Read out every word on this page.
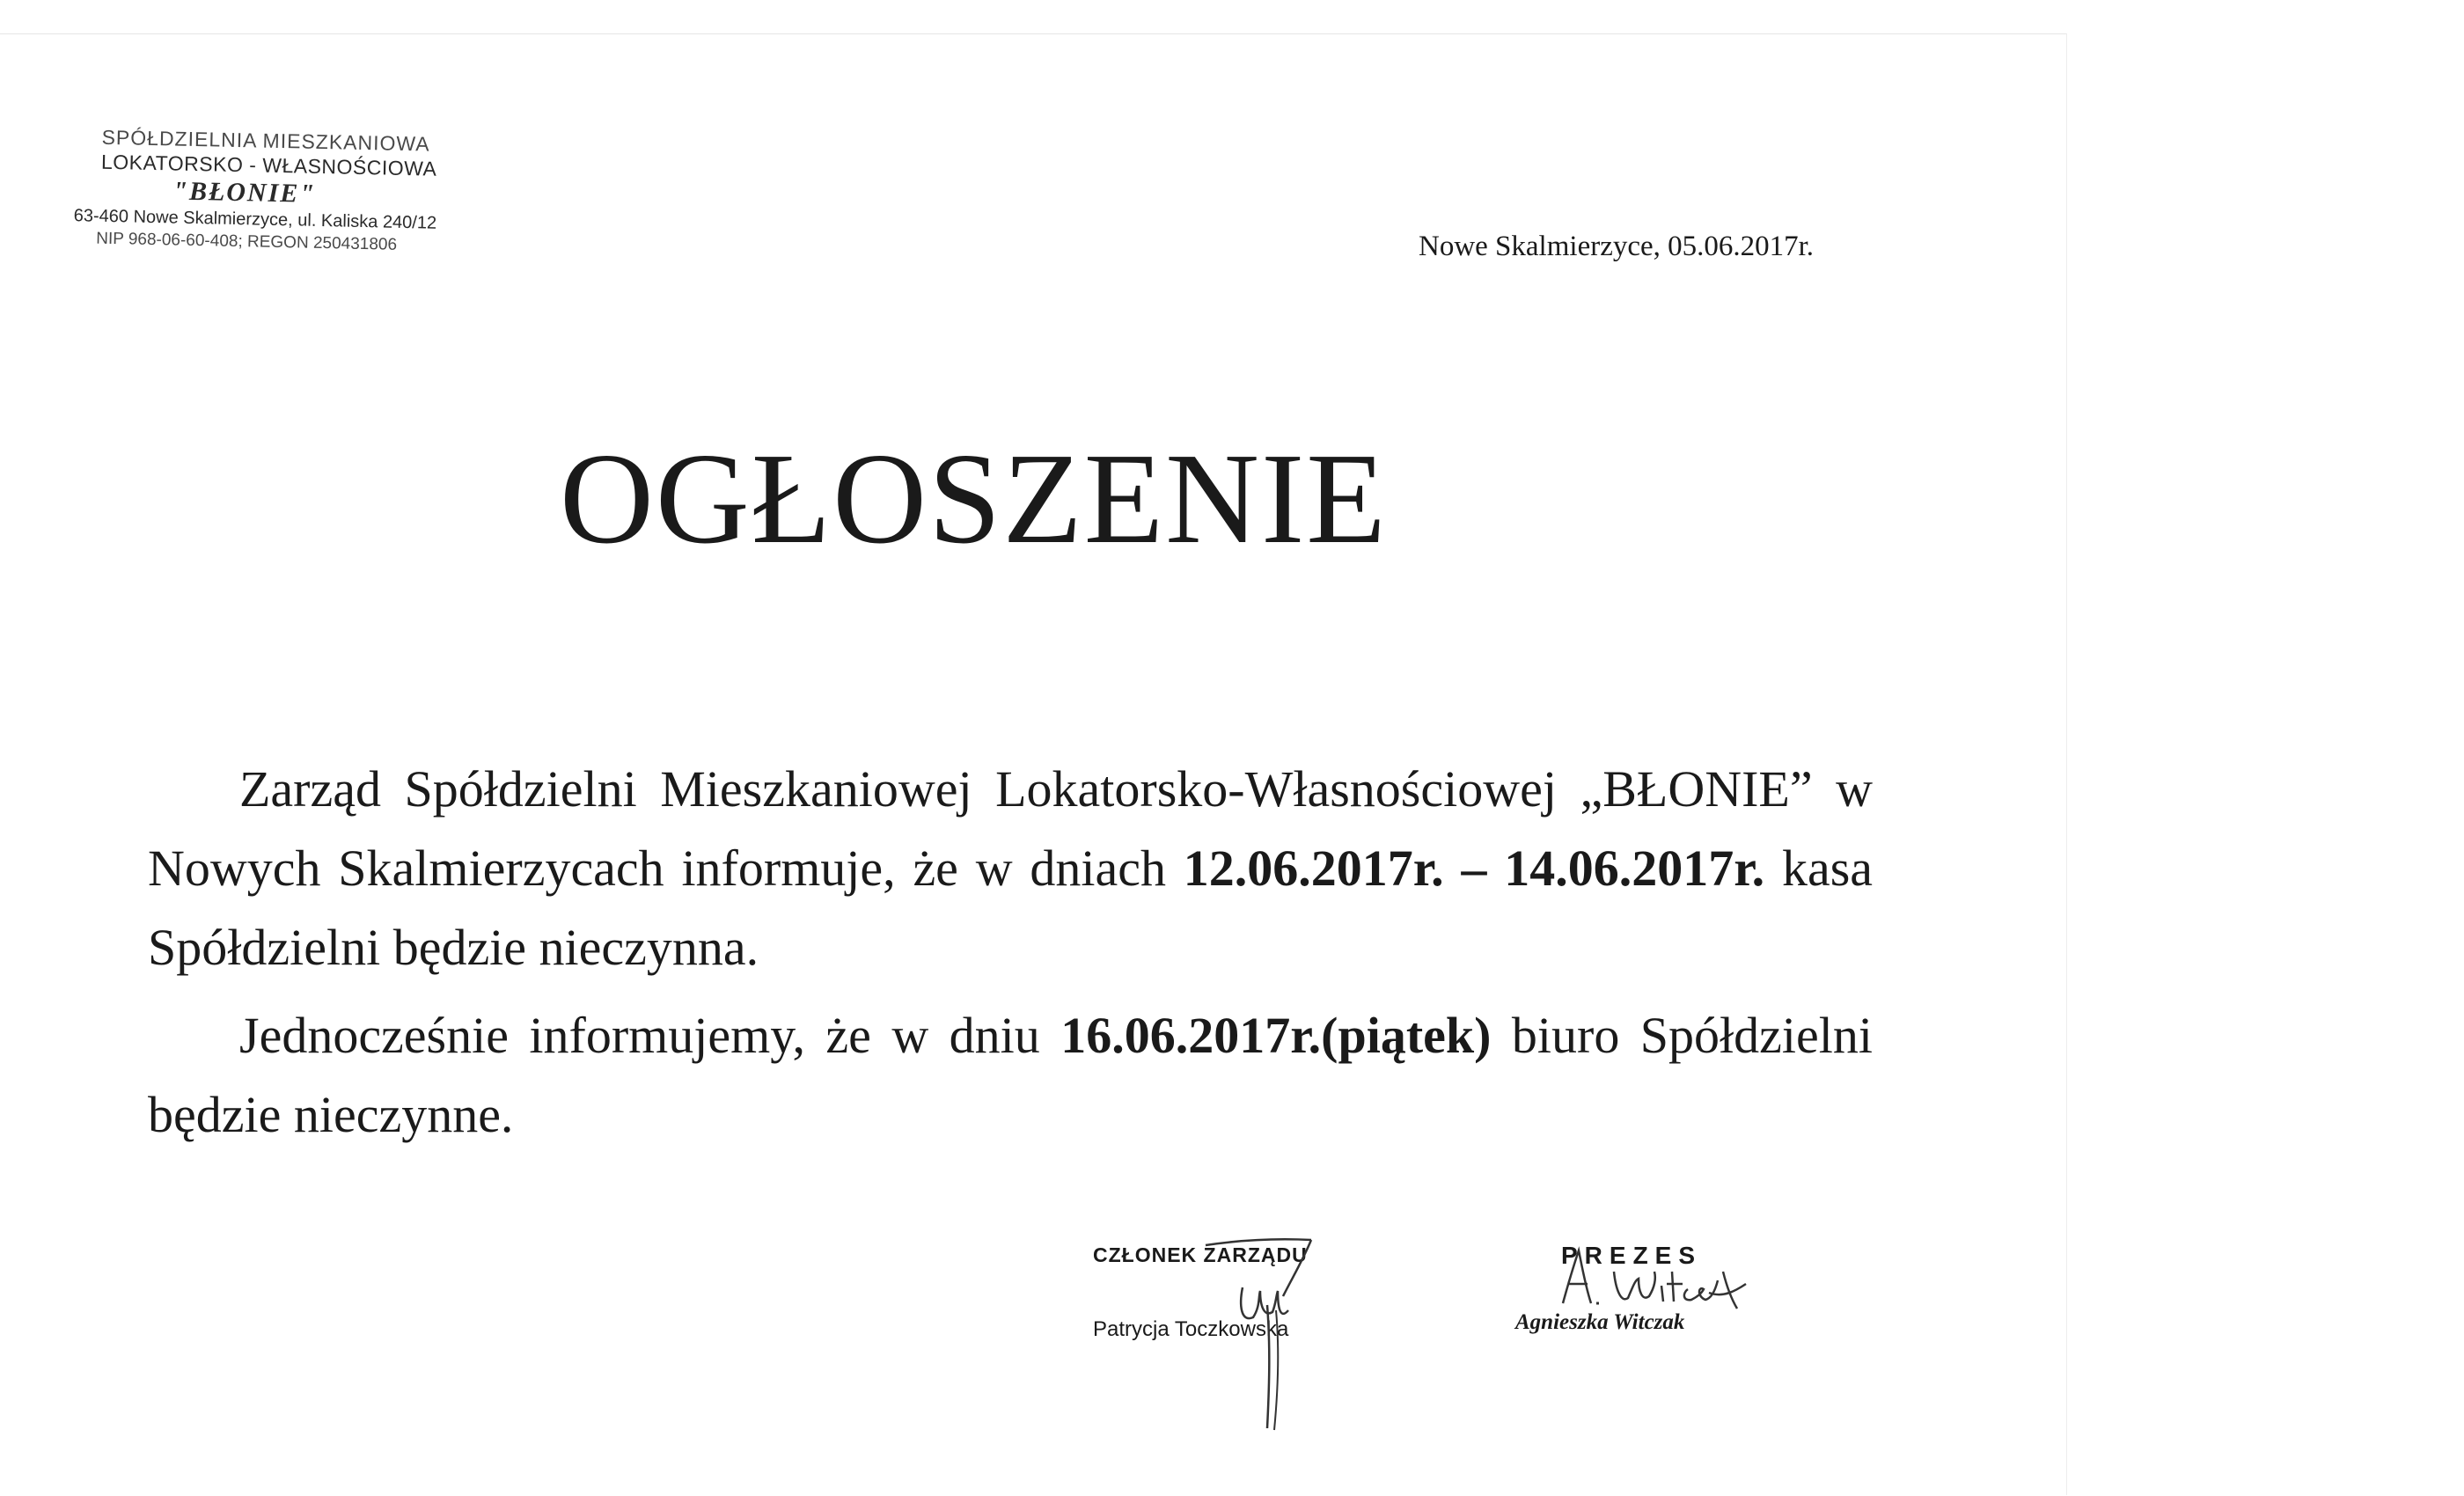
SPÓŁDZIELNIA MIESZKANIOWA
LOKATORSKO - WŁASNOŚCIOWA
"BŁONIE"
63-460 Nowe Skalmierzyce, ul. Kaliska 240/12
NIP 968-06-60-408; REGON 250431806	Nowe Skalmierzyce, 05.06.2017r.
OGŁOSZENIE

Zarząd Spółdzielni Mieszkaniowej Lokatorsko-Własnościowej „BŁONIE” w Nowych Skalmierzycach informuje, że w dniach 12.06.2017r. – 14.06.2017r. kasa Spółdzielni będzie nieczynna.

Jednocześnie informujemy, że w dniu 16.06.2017r.(piątek) biuro Spółdzielni będzie nieczynne.

CZŁONEK ZARZĄDU
Patrycja Toczkowska
PREZES
Agnieszka Witczak
